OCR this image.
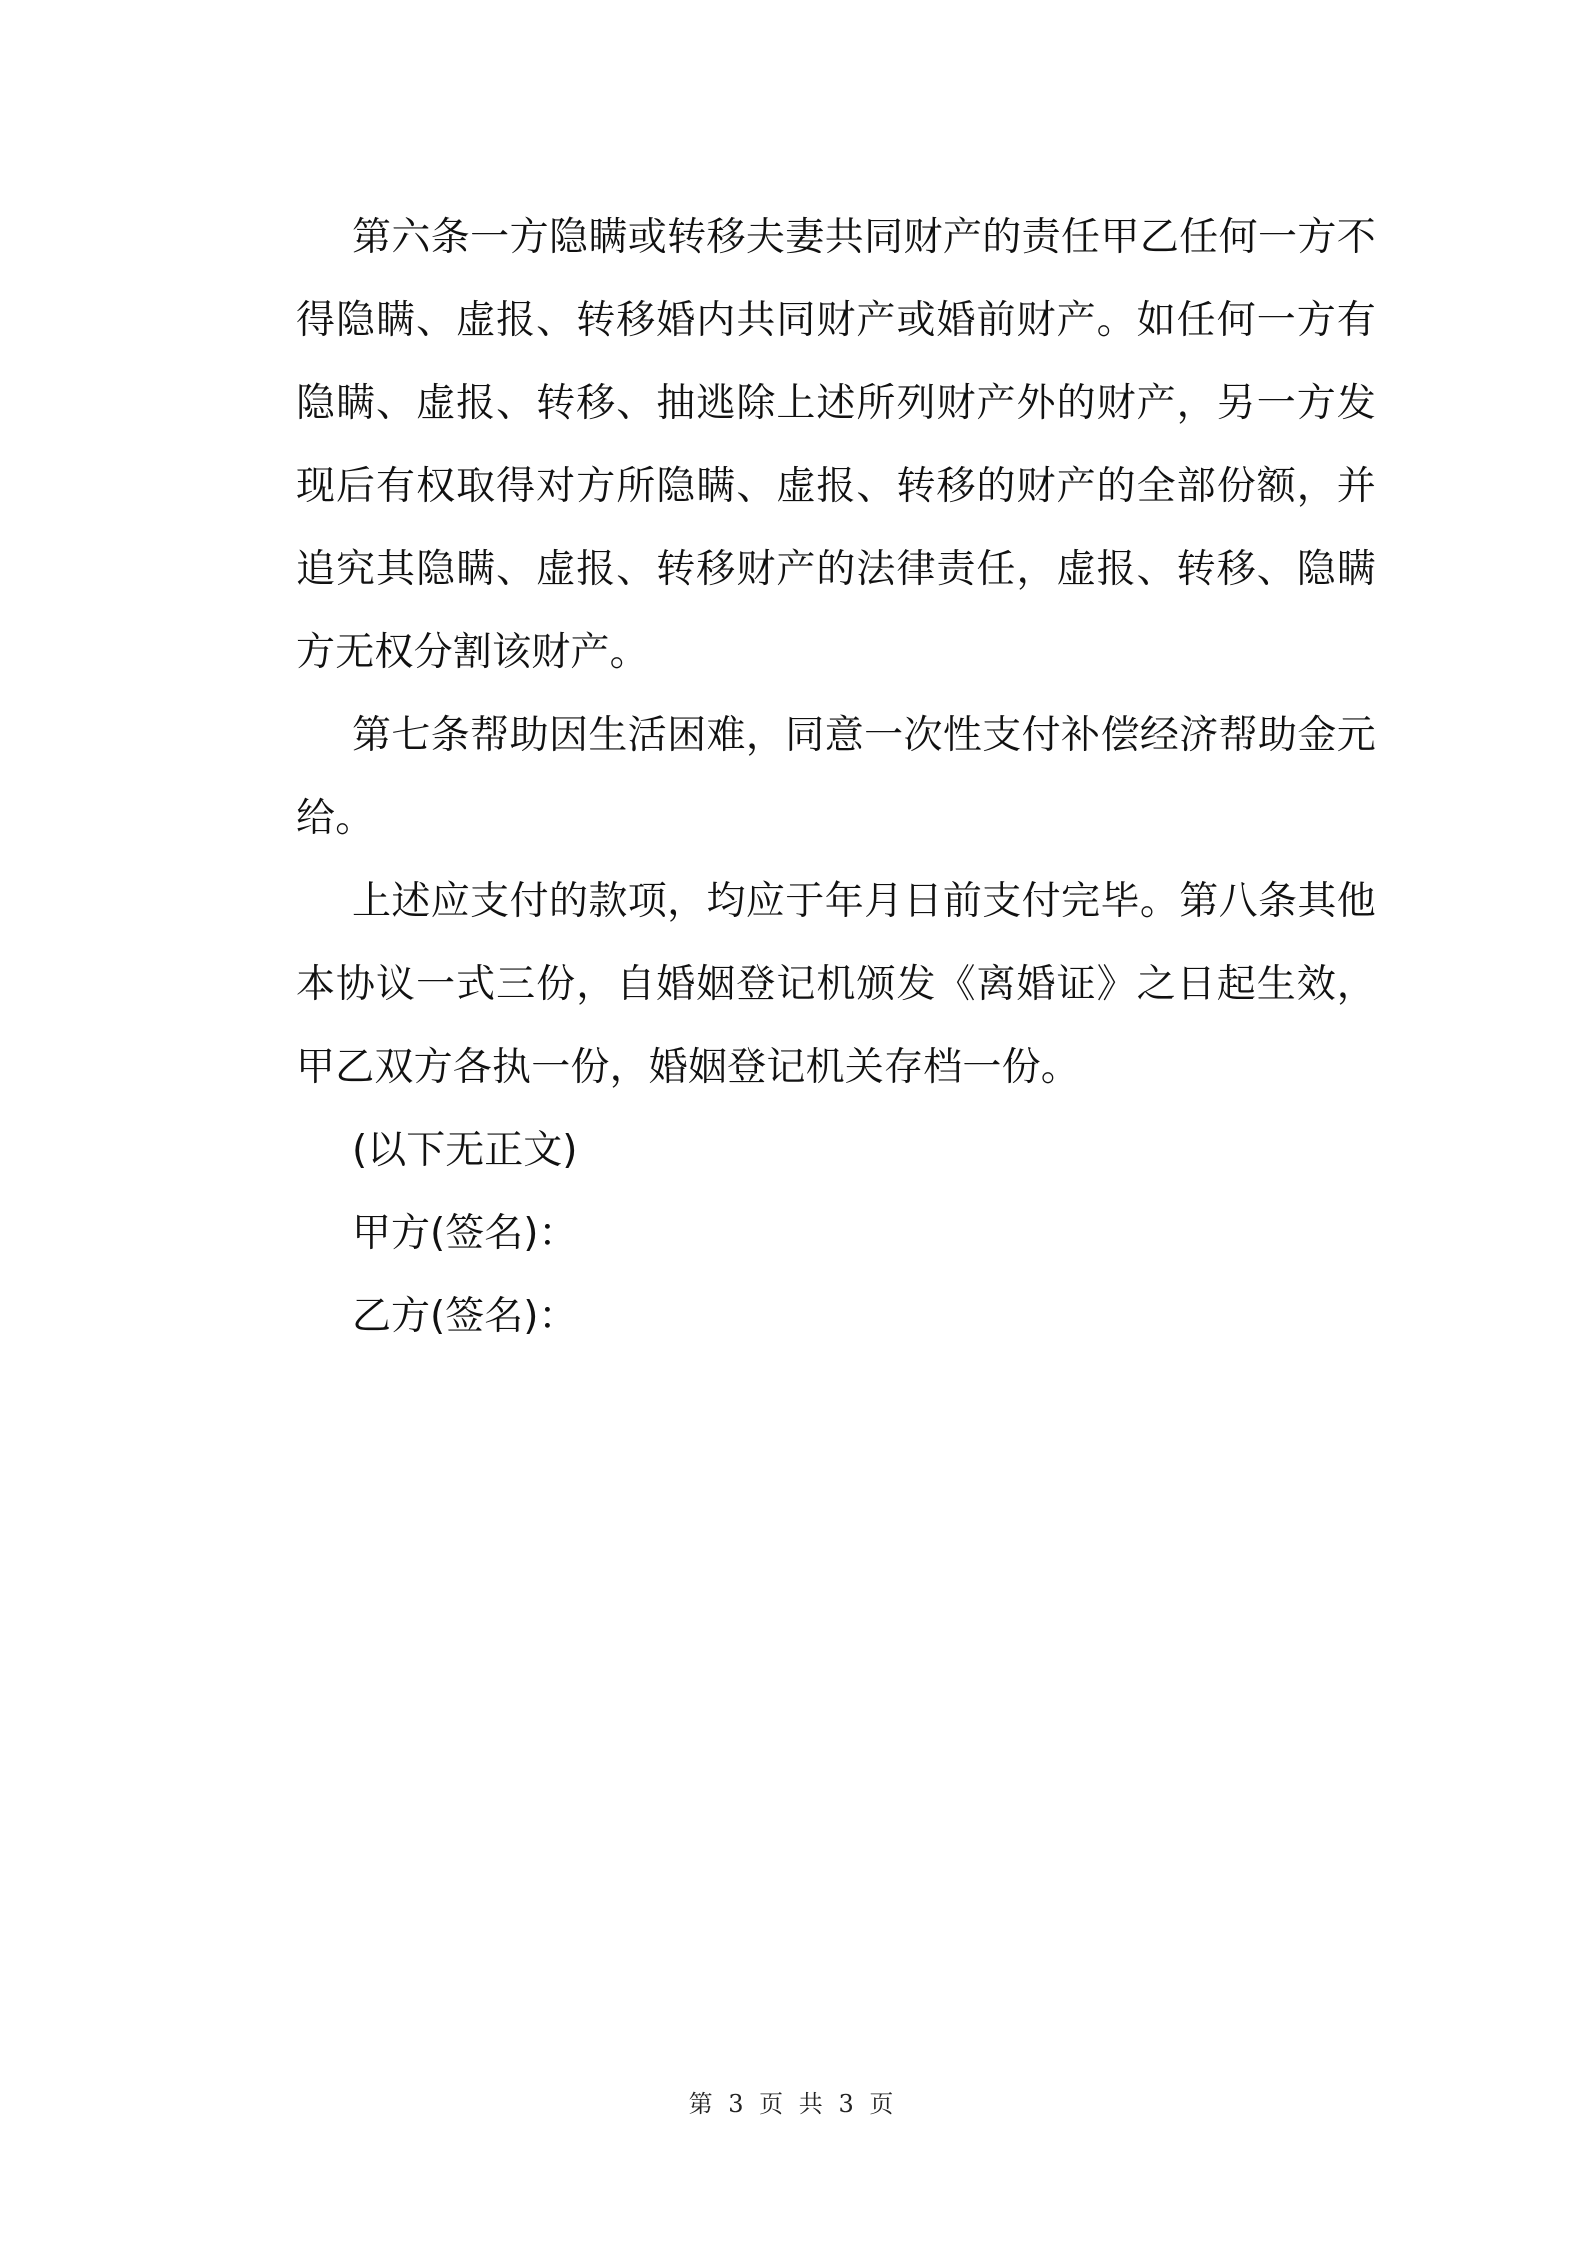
第六条一方隐瞒或转移夫妻共同财产的责任甲乙任何一方不得隐瞒、虚报、转移婚内共同财产或婚前财产。如任何一方有隐瞒、虚报、转移、抽逃除上述所列财产外的财产，另一方发现后有权取得对方所隐瞒、虚报、转移的财产的全部份额，并追究其隐瞒、虚报、转移财产的法律责任，虚报、转移、隐瞒方无权分割该财产。

第七条帮助因生活困难，同意一次性支付补偿经济帮助金元给。

上述应支付的款项，均应于年月日前支付完毕。第八条其他本协议一式三份，自婚姻登记机颁发《离婚证》之日起生效，甲乙双方各执一份，婚姻登记机关存档一份。

(以下无正文)

甲方(签名)：

乙方(签名)：

第 3 页 共 3 页
